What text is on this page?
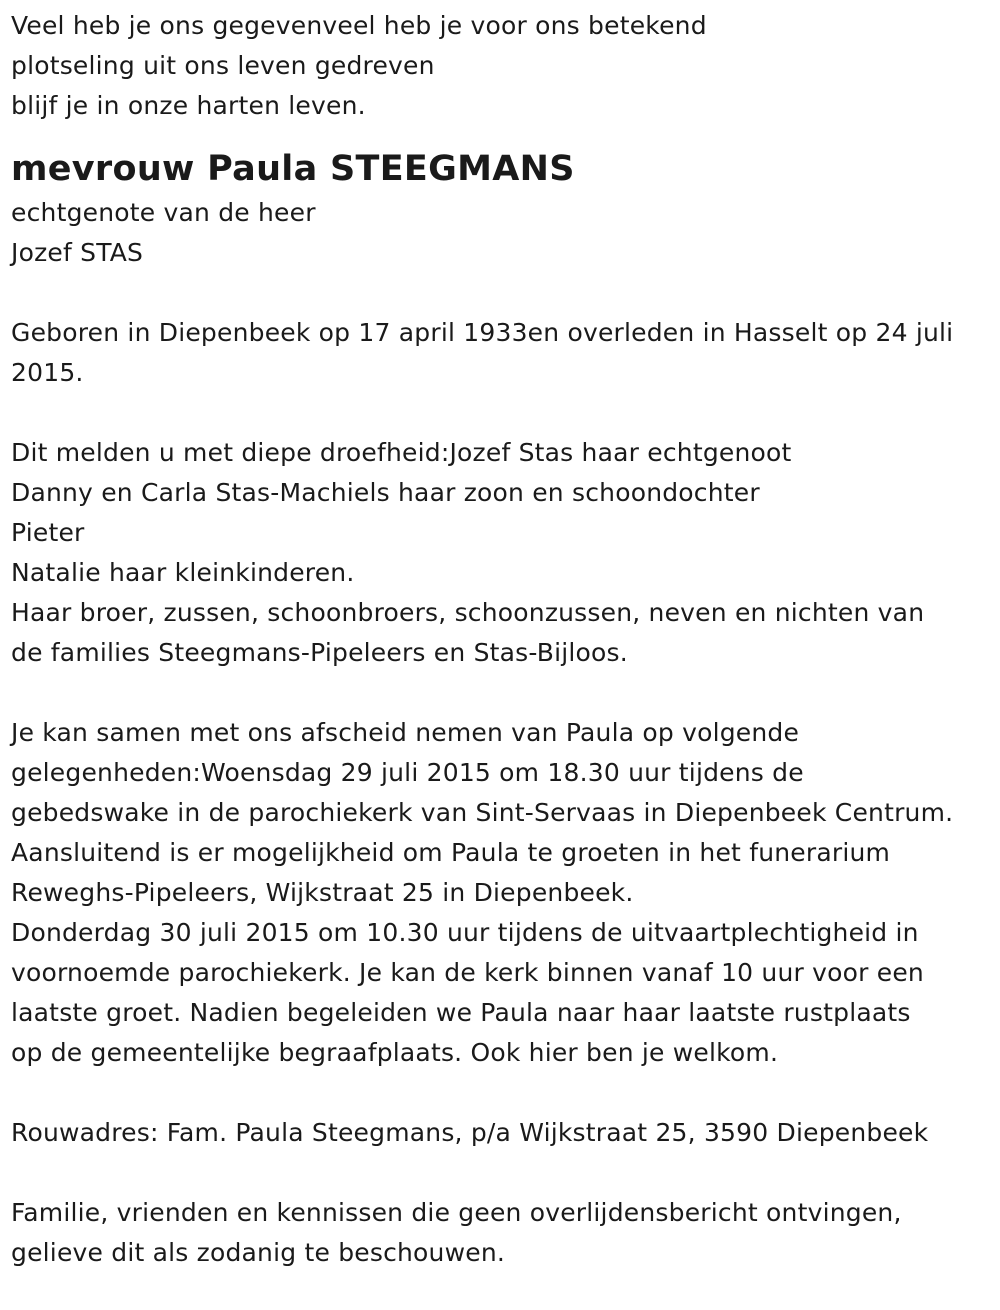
Veel heb je ons gegevenveel heb je voor ons betekend
plotseling uit ons leven gedreven
blijf je in onze harten leven.
mevrouw Paula STEEGMANS
echtgenote van de heer
Jozef STAS
Geboren in Diepenbeek op 17 april 1933en overleden in Hasselt op 24 juli
2015.
Dit melden u met diepe droefheid:Jozef Stas haar echtgenoot
Danny en Carla Stas-Machiels haar zoon en schoondochter
Pieter
Natalie haar kleinkinderen.
Haar broer, zussen, schoonbroers, schoonzussen, neven en nichten van
de families Steegmans-Pipeleers en Stas-Bijloos.
Je kan samen met ons afscheid nemen van Paula op volgende
gelegenheden:Woensdag 29 juli 2015 om 18.30 uur tijdens de
gebedswake in de parochiekerk van Sint-Servaas in Diepenbeek Centrum.
Aansluitend is er mogelijkheid om Paula te groeten in het funerarium
Reweghs-Pipeleers, Wijkstraat 25 in Diepenbeek.
Donderdag 30 juli 2015 om 10.30 uur tijdens de uitvaartplechtigheid in
voornoemde parochiekerk. Je kan de kerk binnen vanaf 10 uur voor een
laatste groet. Nadien begeleiden we Paula naar haar laatste rustplaats
op de gemeentelijke begraafplaats. Ook hier ben je welkom.
Rouwadres: Fam. Paula Steegmans, p/a Wijkstraat 25, 3590 Diepenbeek
Familie, vrienden en kennissen die geen overlijdensbericht ontvingen,
gelieve dit als zodanig te beschouwen.
